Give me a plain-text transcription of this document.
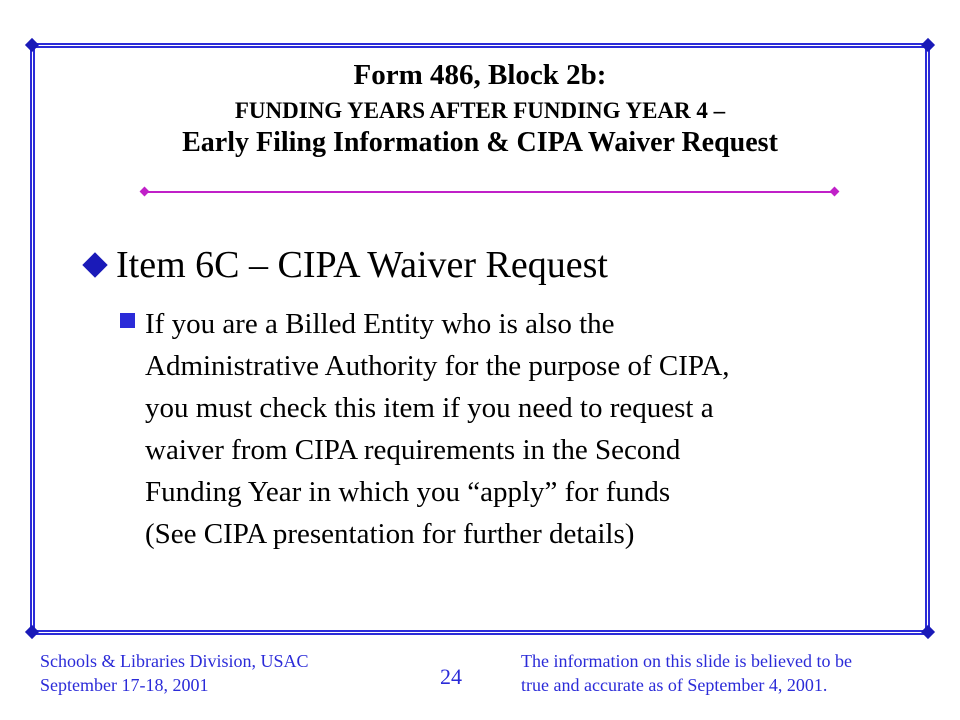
Form 486, Block 2b:
FUNDING YEARS AFTER FUNDING YEAR 4 –
Early Filing Information & CIPA Waiver Request
Item 6C – CIPA Waiver Request
If you are a Billed Entity who is also the
Administrative Authority for the purpose of CIPA,
you must check this item if you need to request a
waiver from CIPA requirements in the Second
Funding Year in which you “apply” for funds
(See CIPA presentation for further details)
Schools & Libraries Division, USAC
September 17-18, 2001	24
The information on this slide is believed to be
true and accurate as of September 4, 2001.
